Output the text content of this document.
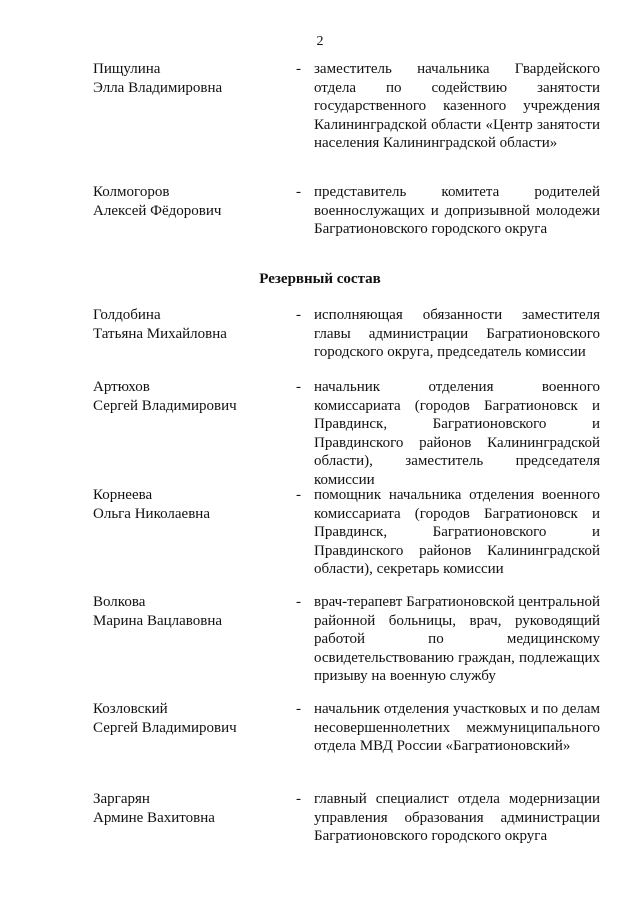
2
Пищулина
Элла Владимировна
- заместитель начальника Гвардейского отдела по содействию занятости государственного казенного учреждения Калининградской области «Центр занятости населения Калининградской области»
Колмогоров
Алексей Фёдорович
- представитель комитета родителей военнослужащих и допризывной молодежи Багратионовского городского округа
Резервный состав
Голдобина
Татьяна Михайловна
- исполняющая обязанности заместителя главы администрации Багратионовского городского округа, председатель комиссии
Артюхов
Сергей Владимирович
- начальник отделения военного комиссариата (городов Багратионовск и Правдинск, Багратионовского и Правдинского районов Калининградской области), заместитель председателя комиссии
Корнеева
Ольга Николаевна
- помощник начальника отделения военного комиссариата (городов Багратионовск и Правдинск, Багратионовского и Правдинского районов Калининградской области), секретарь комиссии
Волкова
Марина Вацлавовна
- врач-терапевт Багратионовской центральной районной больницы, врач, руководящий работой по медицинскому освидетельствованию граждан, подлежащих призыву на военную службу
Козловский
Сергей Владимирович
- начальник отделения участковых и по делам несовершеннолетних межмуниципального отдела МВД России «Багратионовский»
Заргарян
Армине Вахитовна
- главный специалист отдела модернизации управления образования администрации Багратионовского городского округа
